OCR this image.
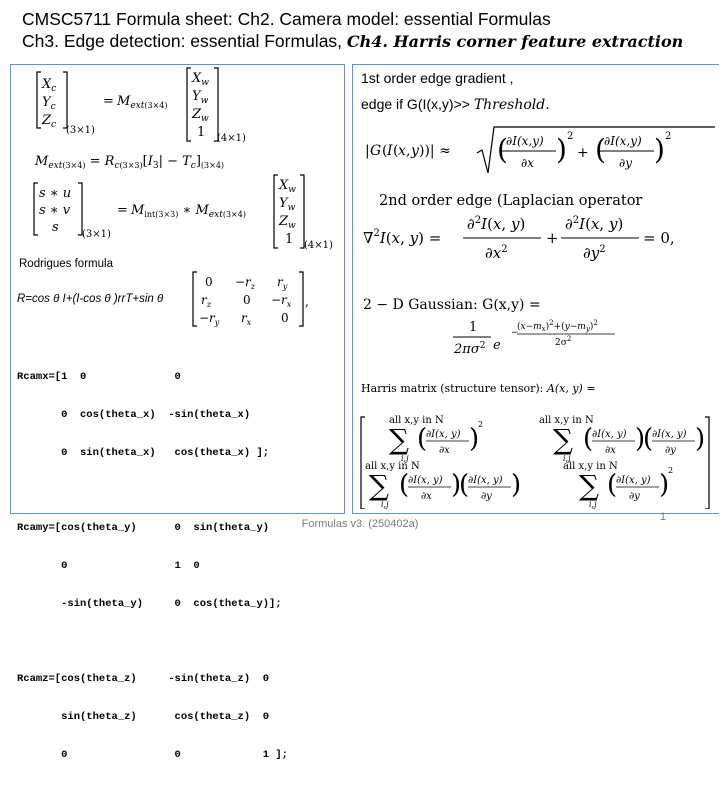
CMSC5711 Formula sheet: Ch2. Camera model: essential Formulas
Ch3. Edge detection: essential Formulas, Ch4. Harris corner feature extraction
$X_c$
$Y_c$
$Z_c$ (3×1)
= $M_{ext}(3\times 4)$
$X_w$
$Y_w$
$Z_w$
1 (4×1)
$M_{ext}(3\times 4) = R_c(3\times 3)[I_3| - T_c]_{(3\times 4)}$
s ∗ u
s ∗ v
s (3×1)
= $M_{int(3\times 3)}$ ∗ $M_{ext}(3\times 4)$
$X_w$
$Y_w$
$Z_w$
1 (4×1)
Rodrigues formula
R=cos θ I+(I-cos θ )rrT+sin θ
$0 -r_z$ $r_y$
$r_z$	$0 -r_x$
$-r_y$ $r_x$ 0
,

Rcamx=[1  0              0

0  cos(theta_x)  -sin(theta_x)

0  sin(theta_x)   cos(theta_x) ];

Rcamy=[cos(theta_y)      0  sin(theta_y)

0                 1  0

-sin(theta_y)     0  cos(theta_y)];

Rcamz=[cos(theta_z)     -sin(theta_z)  0

sin(theta_z)      cos(theta_z)  0

0                 0             1 ];

1st order edge gradient ,
edge if G(I(x,y)>> Threshold.
| G ( I ( x , y ))| ≈
∂I(x,y)
∂x
( ) 2
+
∂I(x,y)
∂y
( ) 2
2nd order edge (Laplacian operator
∇$^2$I(x, y) =
∂$^2$I(x, y)
$\partial x^2$
+
∂$^2$I(x, y)
$\partial y^2$
= 0,
2 − D Gaussian: G(x,y) =
1
$2\pi\sigma^2$ e
−
$(x-m_x)^2+(y-m_y)^2$
$2\sigma^2$
Harris matrix (structure tensor): A(x, y) =
all x,y in N
∑
i,j
(
∂I(x, y)
∂x )
2	all x,y in N
∑
i,j
(
∂I(x, y)
∂x )
(
∂I(x, y)
∂y )
all x,y in N
∑
i,j
(
∂I(x, y)
∂x )
(
∂I(x, y)
∂y )
all x,y in N
∑
i,j
(
∂I(x, y)
∂y )
2
1
Formulas v3. (250402a)
